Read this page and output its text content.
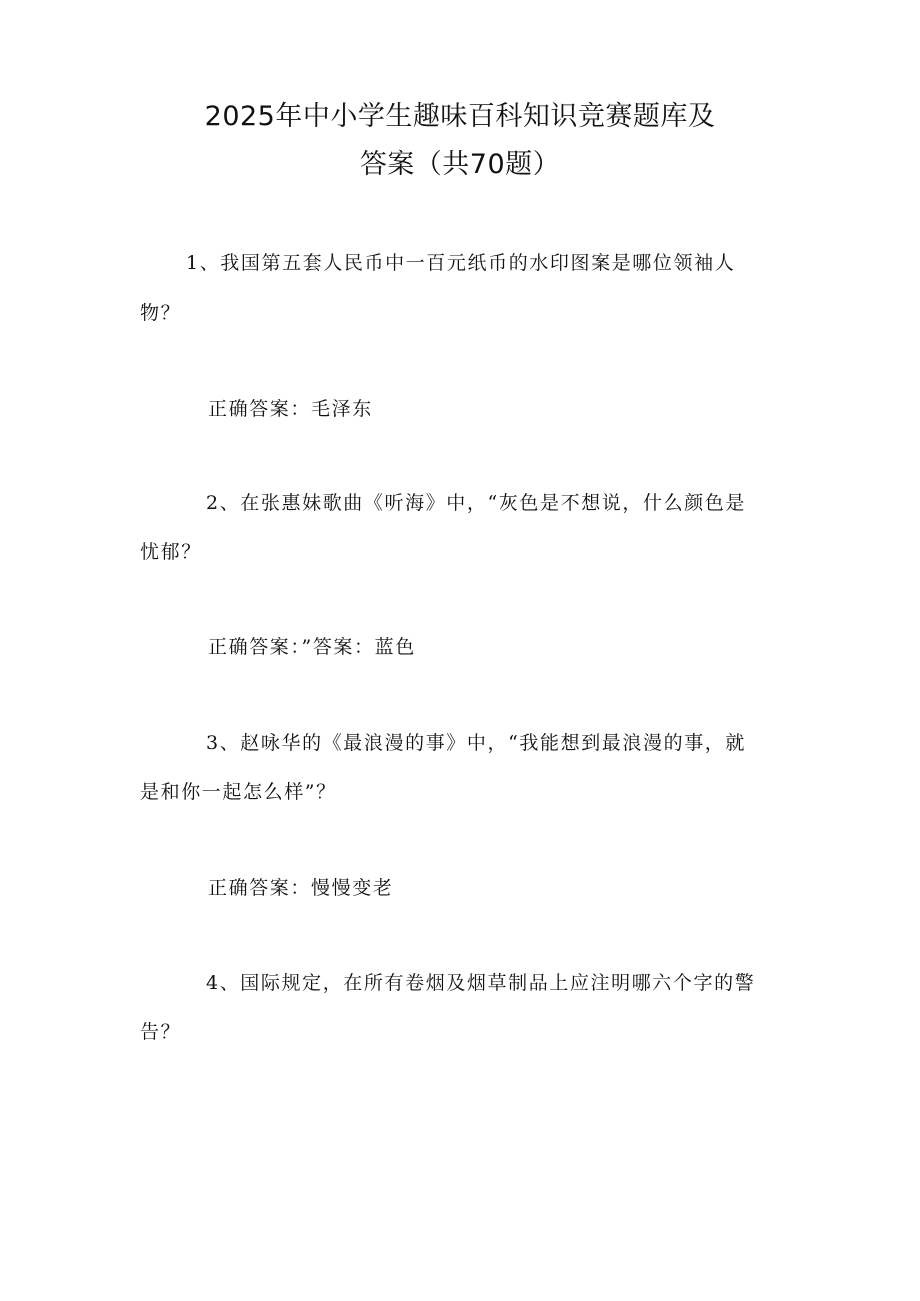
2025年中小学生趣味百科知识竞赛题库及
答案（共70题）
1、我国第五套人民币中一百元纸币的水印图案是哪位领袖人
物？
正确答案：毛泽东
2、在张惠妹歌曲《听海》中，“灰色是不想说，什么颜色是
忧郁？
正确答案：”答案：蓝色
3、赵咏华的《最浪漫的事》中，“我能想到最浪漫的事，就
是和你一起怎么样”？
正确答案：慢慢变老
4、国际规定，在所有卷烟及烟草制品上应注明哪六个字的警
告？
